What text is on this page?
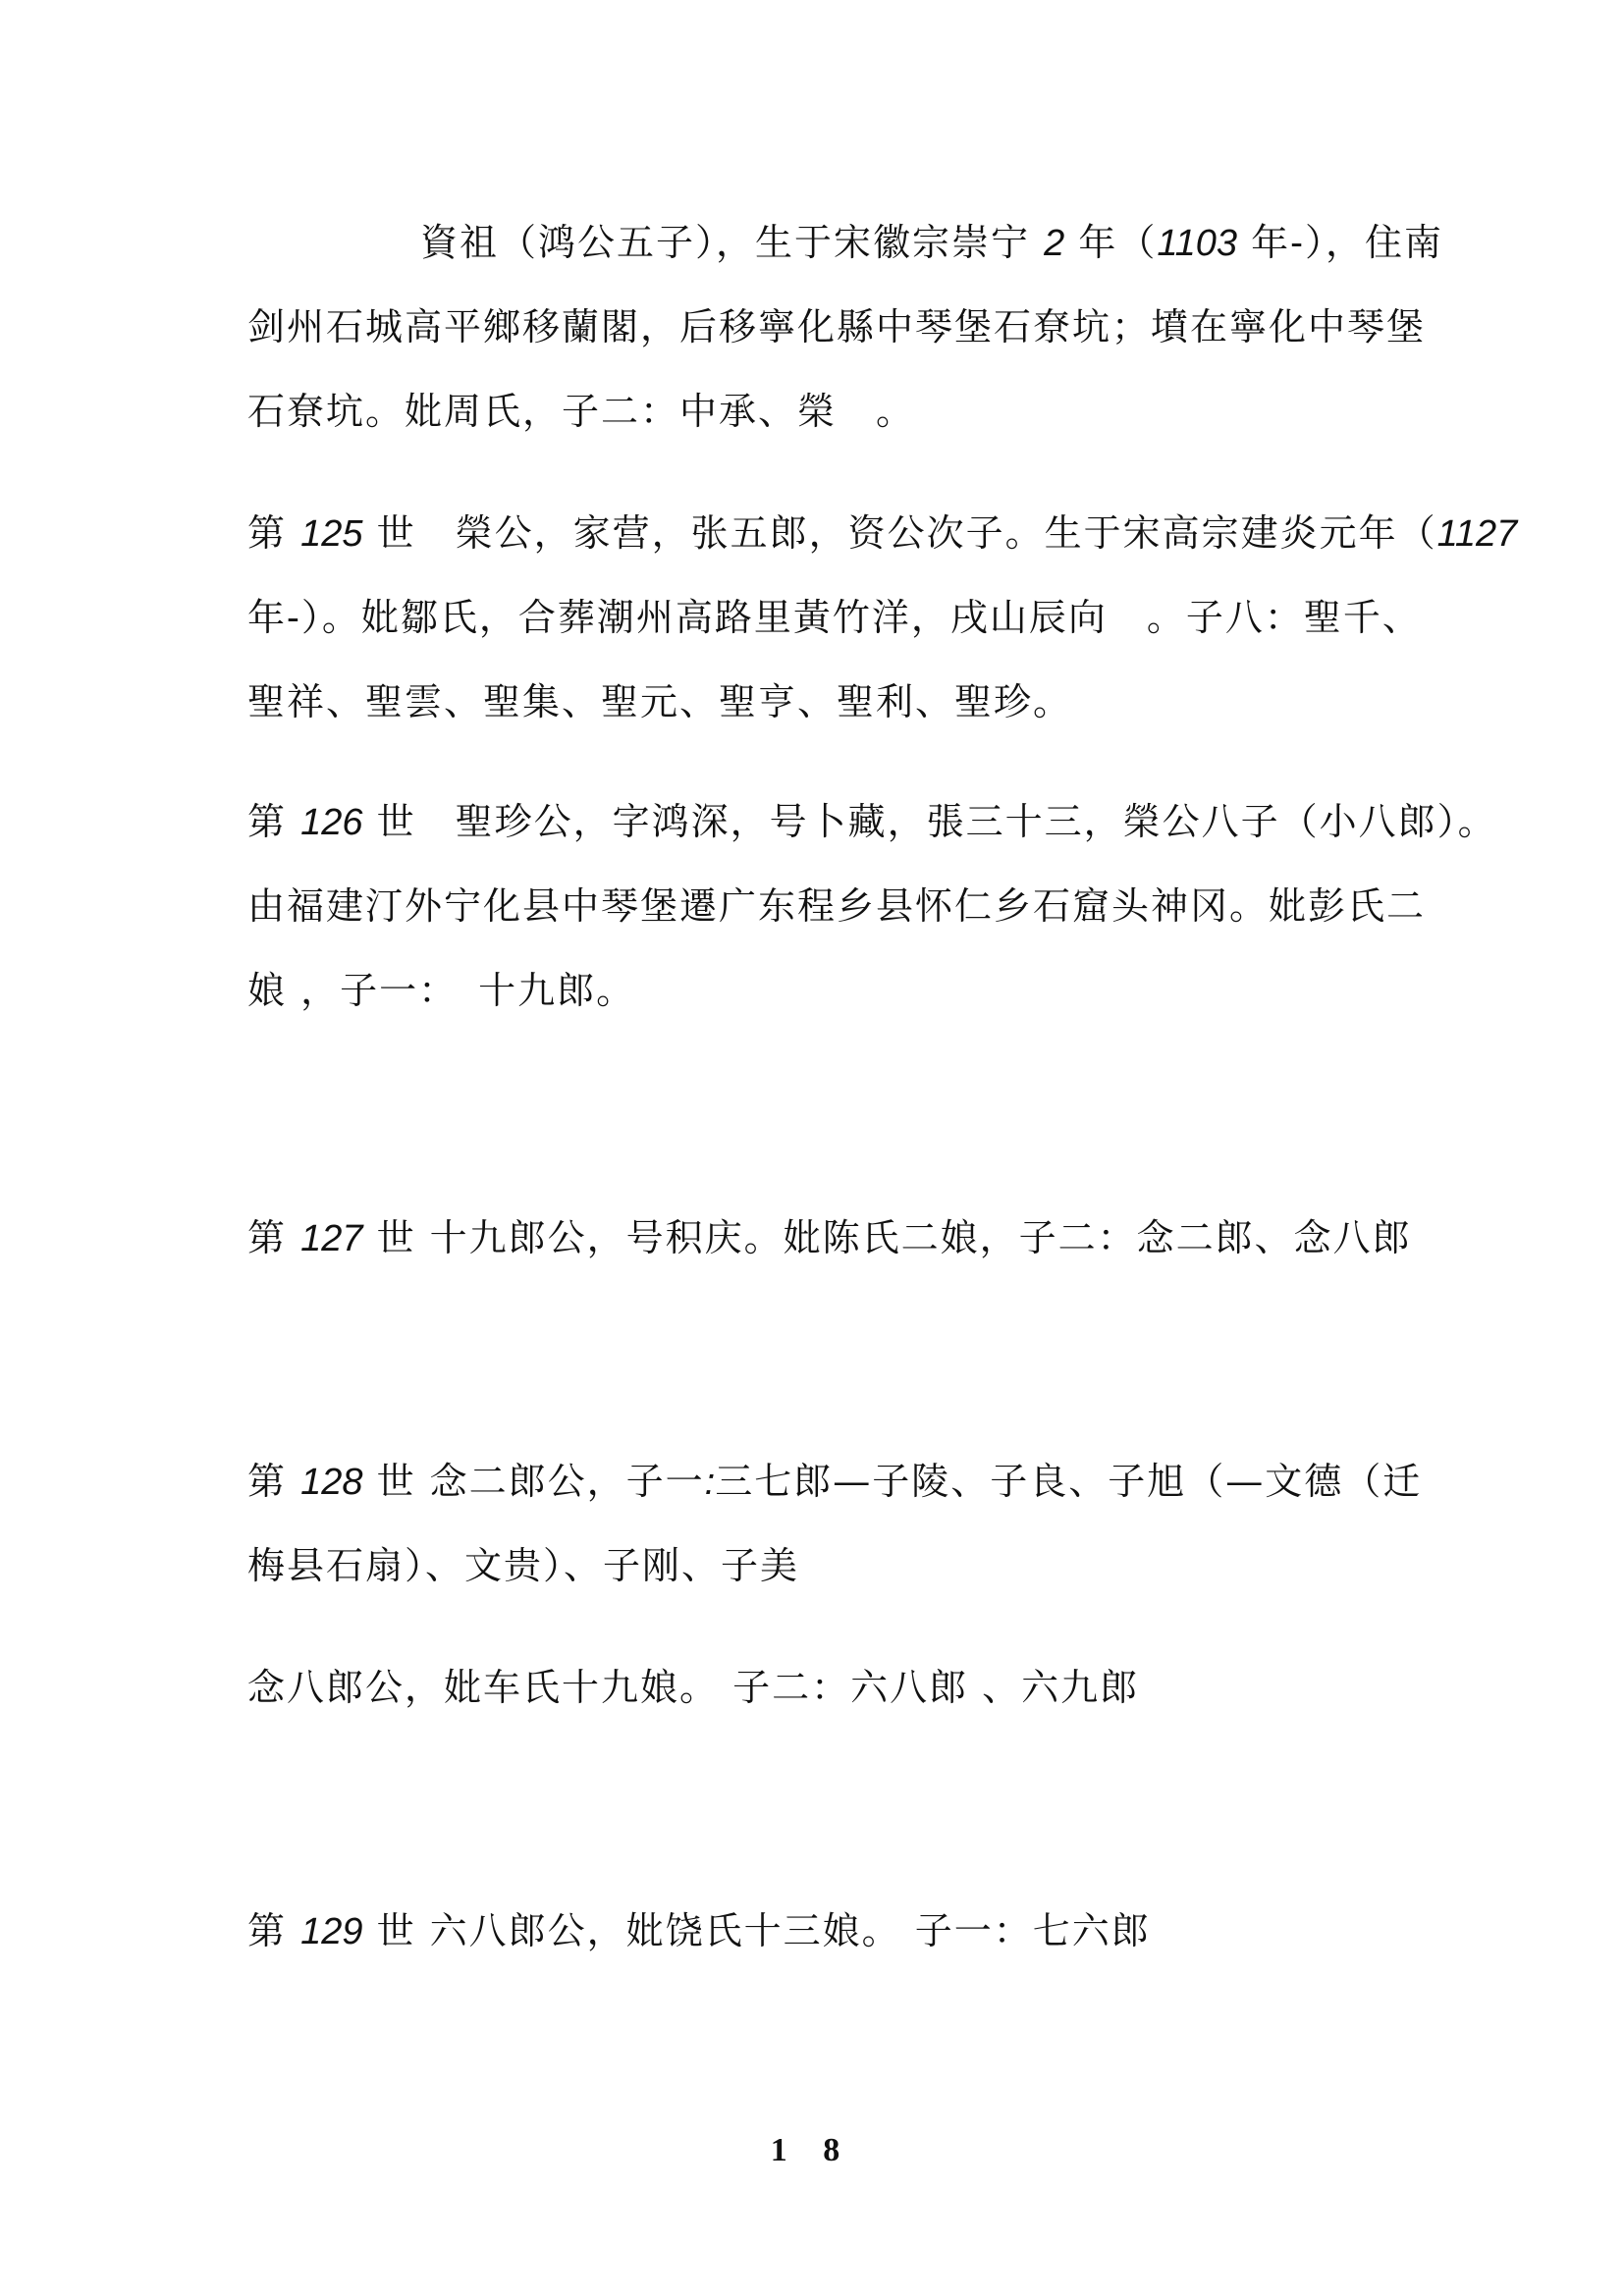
資祖（鸿公五子），生于宋徽宗崇宁 2 年（1103 年-），住南
剑州石城高平鄉移蘭閣，后移寧化縣中琴堡石尞坑；墳在寧化中琴堡
石尞坑。妣周氏，子二：中承、榮　。
第 125 世　榮公，家营，张五郎，资公次子。生于宋高宗建炎元年（1127
年-）。妣鄒氏，合葬潮州高路里黃竹洋，戌山辰向　。子八：聖千、
聖祥、聖雲、聖集、聖元、聖亨、聖利、聖珍。
第 126 世　聖珍公，字鸿深，号卜藏，張三十三，榮公八子（小八郎）。
由福建汀外宁化县中琴堡遷广东程乡县怀仁乡石窟头神冈。妣彭氏二
娘 ，子一：　十九郎。
第 127 世 十九郎公，号积庆。妣陈氏二娘，子二：念二郎、念八郎
第 128 世 念二郎公，子一:三七郎—子陵、子良、子旭（—文德（迁
梅县石扇）、文贵）、子刚、子美
念八郎公，妣车氏十九娘。 子二：六八郎 、六九郎
第 129 世 六八郎公，妣饶氏十三娘。 子一：七六郎
1 8
